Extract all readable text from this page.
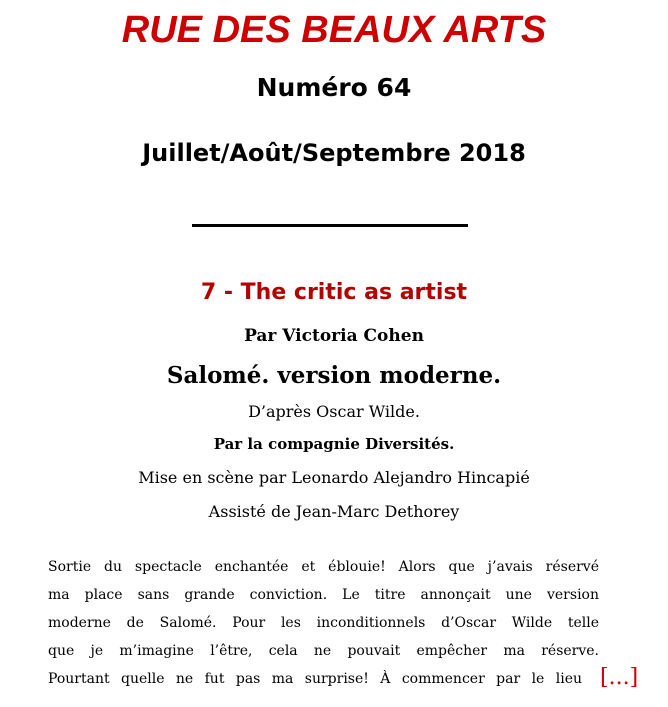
RUE DES BEAUX ARTS
Numéro 64
Juillet/Août/Septembre 2018
7 - The critic as artist
Par Victoria Cohen
Salomé. version moderne.
D’après Oscar Wilde.
Par la compagnie Diversités.
Mise en scène par Leonardo Alejandro Hincapié
Assisté de Jean-Marc Dethorey
Sortie du spectacle enchantée et éblouie! Alors que j’avais réservé
ma place sans grande conviction. Le titre annonçait une version
moderne de Salomé. Pour les inconditionnels d’Oscar Wilde telle
que je m’imagine l’être, cela ne pouvait empêcher ma réserve.
Pourtant quelle ne fut pas ma surprise! À commencer par le lieu [...]
